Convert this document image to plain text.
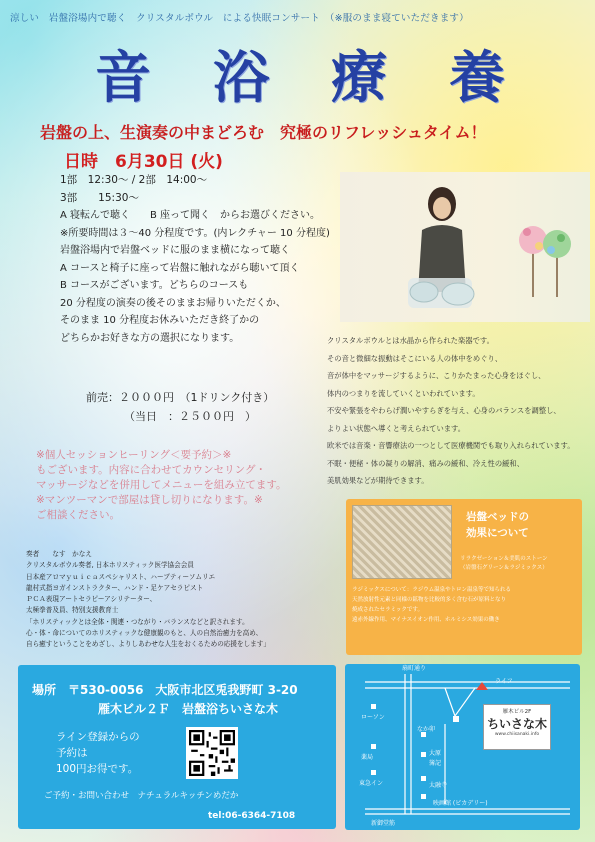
涼しい　岩盤浴場内で聴く　クリスタルボウル　による快眠コンサート　（※服のまま寝ていただきます）
音 浴 療 養
岩盤の上、生演奏の中まどろむ　究極のリフレッシュタイム！
日時　6月30日 (火)
1部　12:30～ / 2部　14:00～
3部　　15:30～
A 寝転んで聴く　　B 座って聞く　からお選びください。
※所要時間は３～40 分程度です。(内レクチャー 10 分程度)
岩盤浴場内で岩盤ベッドに服のまま横になって聴く
A コースと椅子に座って岩盤に触れながら聴いて頂く
B コースがございます。どちらのコースも
20 分程度の演奏の後そのままお帰りいただくか、
そのまま 10 分程度お休みいただき終了かの
どちらかお好きな方の選択になります。
前売：２０００円　（1ドリンク付き）
（当日　：２５００円　）
クリスタルボウルとは水晶から作られた楽器です。
その音と微細な振動はそこにいる人の体中をめぐり、
音が体中をマッサージするように、こりかたまった心身をほぐし、
体内のつまりを流していくといわれています。
不安や緊張をやわらげ潤いやすらぎを与え、心身のバランスを調整し、
よりよい状態へ導くと考えられています。
欧米では音楽・音響療法の一つとして医療機関でも取り入れられています。
不眠・便秘・体の凝りの解消、痛みの緩和、冷え性の緩和、
美肌効果などが期待できます。
※個人セッションヒーリング＜要予約＞※
もございます。内容に合わせてカウンセリング・
マッサージなどを併用してメニューを組み立てます。
※マンツーマンで部屋は貸し切りになります。※
ご相談ください。
奏者　　なす　かなえ
クリスタルボウル奏者, 日本ホリスティック医学協会会員
日本産アロマｙｕｉｃａスペシャリスト、ハーブティーソムリエ
龍村式指ヨガインストラクター、ハンド・足ケアセラピスト
ＰＣＡ表現アートセラピーアシリテーター、
太極拳普及員、特別支援教育士
「ホリスティックとは全体・関連・つながり・バランスなどと訳されます。
心・体・命についてのホリスティックな健康観のもと、人の自然治癒力を高め、
自ら癒すということをめざし、よりしあわせな人生をおくるための応援をします」
岩盤ベッドの
効果について
リラクゼーション＆美肌のストーン
（岩盤石グリーン＆ラジミックス）
ラジミックスについて：ラジウム温泉やトロン温泉等で知られる
天然放射性元素と同様の鉱物を比較的多く含む石が原料となり
焼成されたセラミックです。
遠赤外線作用、マイナスイオン作用、ホルミシス効果の働き
場所　〒530-0056　大阪市北区兎我野町 3-20
雁木ビル２Ｆ　岩盤浴ちいさな木
ライン登録からの
予約は
100円お得です。
ご予約・お問い合わせ　ナチュラルキッチンめだか
tel:06-6364-7108
扇町通り
ライフ
ローソン
なか卯
薬局
大原
簿記
東急イン	太融寺
映画館 (ビカデリー)
新御堂筋
雁木ビル2F
ちいさな木
www.chiisanaki.info
